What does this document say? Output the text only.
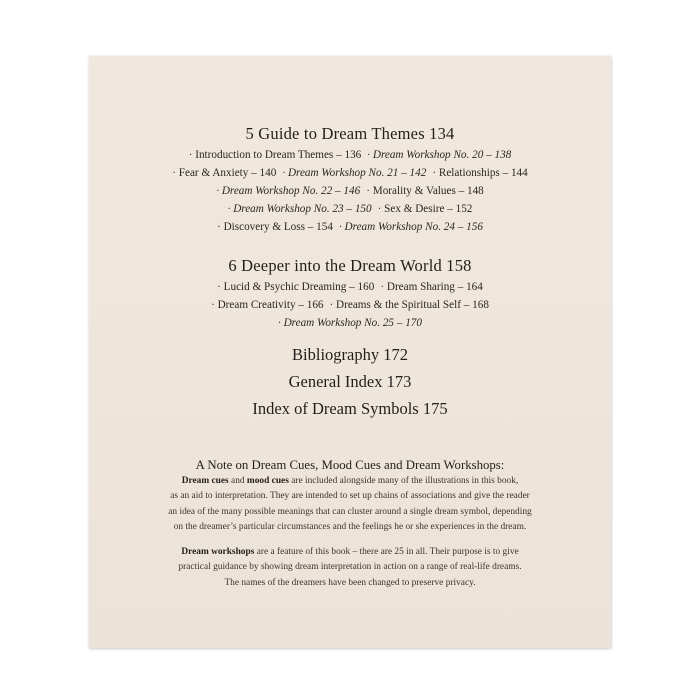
5 Guide to Dream Themes 134
· Introduction to Dream Themes – 136 · Dream Workshop No. 20 – 138
· Fear & Anxiety – 140 · Dream Workshop No. 21 – 142 · Relationships – 144
· Dream Workshop No. 22 – 146 · Morality & Values – 148
· Dream Workshop No. 23 – 150 · Sex & Desire – 152
· Discovery & Loss – 154 · Dream Workshop No. 24 – 156
6 Deeper into the Dream World 158
· Lucid & Psychic Dreaming – 160 · Dream Sharing – 164
· Dream Creativity – 166 · Dreams & the Spiritual Self – 168
· Dream Workshop No. 25 – 170
Bibliography 172
General Index 173
Index of Dream Symbols 175
A Note on Dream Cues, Mood Cues and Dream Workshops:
Dream cues and mood cues are included alongside many of the illustrations in this book,
as an aid to interpretation. They are intended to set up chains of associations and give the reader
an idea of the many possible meanings that can cluster around a single dream symbol, depending
on the dreamer’s particular circumstances and the feelings he or she experiences in the dream.
Dream workshops are a feature of this book – there are 25 in all. Their purpose is to give
practical guidance by showing dream interpretation in action on a range of real-life dreams.
The names of the dreamers have been changed to preserve privacy.
